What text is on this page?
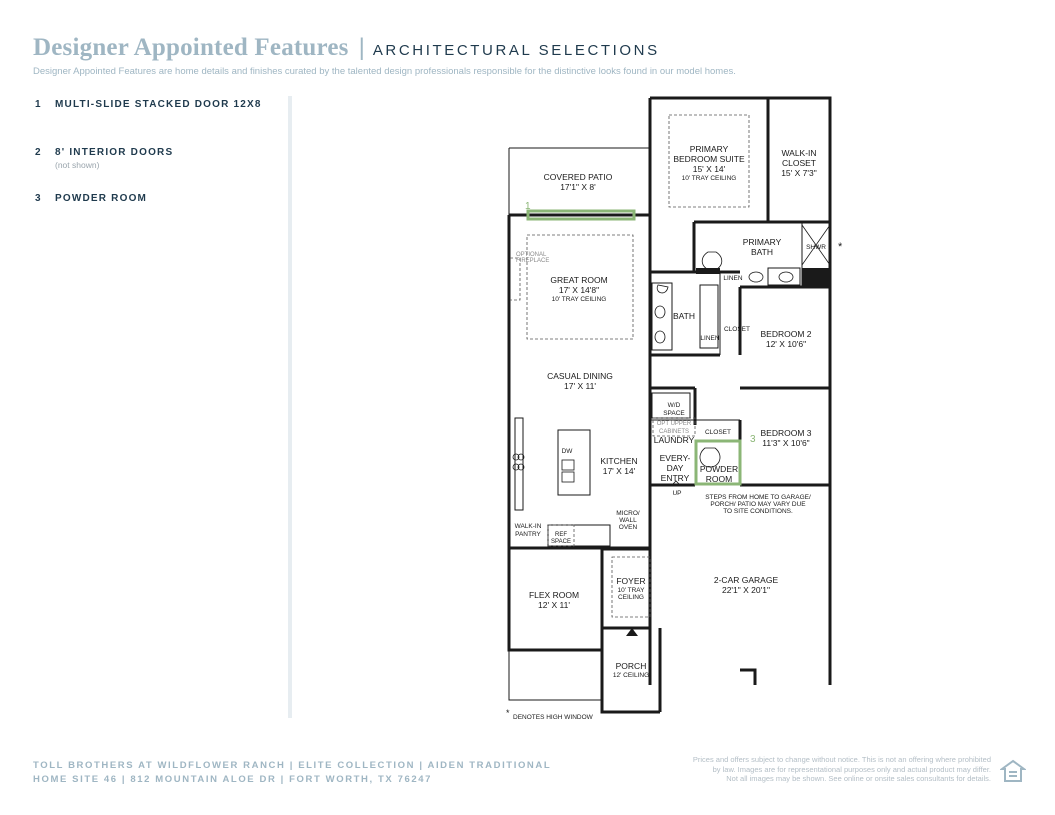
Designer Appointed Features | ARCHITECTURAL SELECTIONS
Designer Appointed Features are home details and finishes curated by the talented design professionals responsible for the distinctive looks found in our model homes.
1 MULTI-SLIDE STACKED DOOR 12X8
2 8' INTERIOR DOORS
(not shown)
3 POWDER ROOM
1
3
COVERED PATIO
17'1" X 8'
PRIMARY
BEDROOM SUITE
15' X 14'
10' TRAY CEILING
WALK-IN
CLOSET
15' X 7'3"
PRIMARY
BATH	SHWR
LINEN
BATH
LINEN
CLOSET
GREAT ROOM
17' X 14'8"
10' TRAY CEILING
BEDROOM 2
12' X 10'6"
CASUAL DINING
17' X 11'
W/D
SPACE
OPT UPPER
CABINETS
LAUNDRY
CLOSET	BEDROOM 3
11'3" X 10'6"
DW
KITCHEN
17' X 14'
EVERY-
DAY
ENTRY
POWDER
ROOM
UP
STEPS FROM HOME TO GARAGE/
PORCH/ PATIO MAY VARY DUE
TO SITE CONDITIONS.
MICRO/
WALL
OVEN
WALK-IN
PANTRY REF
SPACE
2-CAR GARAGE
22'1" X 20'1"
FLEX ROOM
12' X 11'
FOYER
10' TRAY
CEILING
PORCH
12' CEILING
OPTIONAL
FIREPLACE
*
* DENOTES HIGH WINDOW
TOLL BROTHERS AT WILDFLOWER RANCH | ELITE COLLECTION | AIDEN TRADITIONAL
HOME SITE 46 | 812 MOUNTAIN ALOE DR | FORT WORTH, TX 76247
Prices and offers subject to change without notice. This is not an offering where prohibited
by law. Images are for representational purposes only and actual product may differ.
Not all images may be shown. See online or onsite sales consultants for details.
